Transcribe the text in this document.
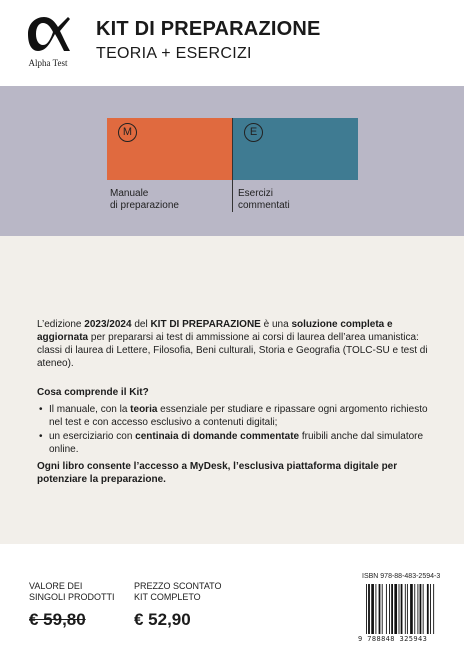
Alpha Test
KIT DI PREPARAZIONE
TEORIA + ESERCIZI
M	E
Manuale
di preparazione
Esercizi
commentati

L’edizione 2023/2024 del KIT DI PREPARAZIONE è una soluzione completa e aggiornata per prepararsi ai test di ammissione ai corsi di laurea dell’area umanistica: classi di laurea di Lettere, Filosofia, Beni culturali, Storia e Geografia (TOLC-SU e test di ateneo).

Cosa comprende il Kit?

• Il manuale, con la teoria essenziale per studiare e ripassare ogni argomento richiesto nel test e con accesso esclusivo a contenuti digitali;
• un eserciziario con centinaia di domande commentate fruibili anche dal simulatore online.

Ogni libro consente l’accesso a MyDesk, l’esclusiva piattaforma digitale per potenziare la preparazione.

VALORE DEI
SINGOLI PRODOTTI
€ 59,80
PREZZO SCONTATO
KIT COMPLETO
€ 52,90
ISBN 978-88-483-2594-3
9 788848 325943
